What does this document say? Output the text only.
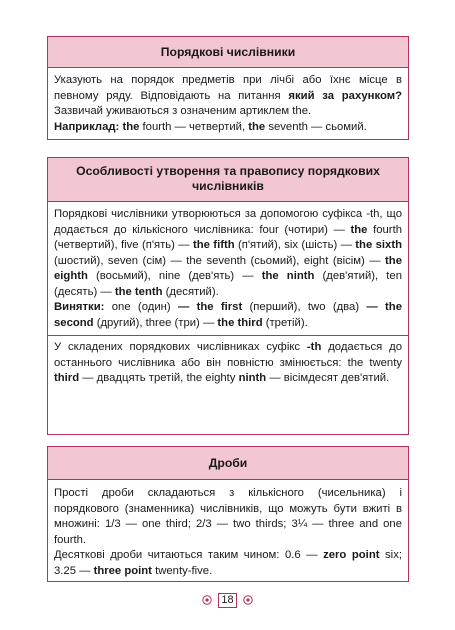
Порядкові числівники
Указують на порядок предметів при лічбі або їхнє місце в певному ряду. Відповідають на питання який за рахунком? Зазвичай уживаються з означеним артиклем the.
Наприклад: the fourth — четвертий, the seventh — сьомий.
Особливості утворення та правопису порядкових числівників
Порядкові числівники утворюються за допомогою суфікса -th, що додається до кількісного числівника: four (чотири) — the fourth (четвертий), five (п'ять) — the fifth (п'ятий), six (шість) — the sixth (шостий), seven (сім) — the seventh (сьомий), eight (вісім) — the eighth (восьмий), nine (дев'ять) — the ninth (дев'ятий), ten (десять) — the tenth (десятий).
Винятки: one (один) — the first (перший), two (два) — the second (другий), three (три) — the third (третій).
У складених порядкових числівниках суфікс -th додається до останнього числівника або він повністю змінюється: the twenty third — двадцять третій, the eighty ninth — вісімдесят дев'ятий.
Дроби
Прості дроби складаються з кількісного (чисельника) і порядкового (знаменника) числівників, що можуть бути вжиті в множині: 1/3 — one third; 2/3 — two thirds; 3¼ — three and one fourth.
Десяткові дроби читаються таким чином: 0.6 — zero point six; 3.25 — three point twenty-five.
18
